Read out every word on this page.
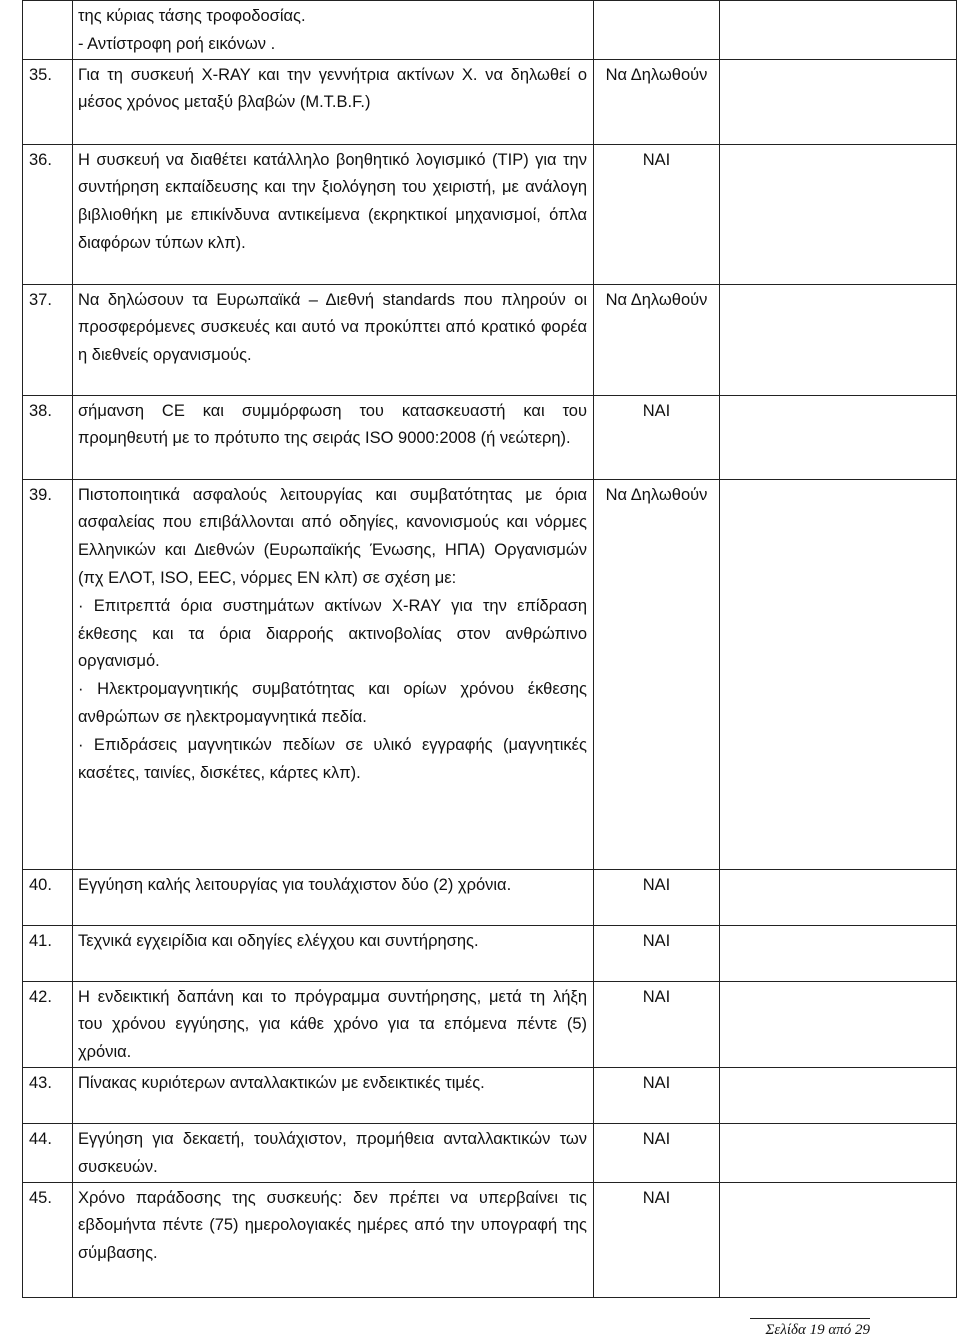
	της κύριας τάσης τροφοδοσίας.
- Αντίστροφη ροή εικόνων .		

35.	Για τη συσκευή X-RAY και την γεννήτρια ακτίνων Χ. να δηλωθεί ο μέσος χρόνος μεταξύ βλαβών (M.T.B.F.)	Να Δηλωθούν	
36.	Η συσκευή να διαθέτει κατάλληλο βοηθητικό λογισμικό (TIP) για την συντήρηση εκπαίδευσης και την ξιολόγηση του χειριστή, με ανάλογη βιβλιοθήκη με επικίνδυνα αντικείμενα (εκρηκτικοί μηχανισμοί, όπλα διαφόρων τύπων κλπ).	ΝΑΙ	
37.	Να δηλώσουν τα Ευρωπαϊκά – Διεθνή standards που πληρούν οι προσφερόμενες συσκευές και αυτό να προκύπτει από κρατικό φορέα η διεθνείς οργανισμούς.	Να Δηλωθούν	
38.	σήμανση CE και συμμόρφωση του κατασκευαστή και του προμηθευτή με το πρότυπο της σειράς ISO 9000:2008 (ή νεώτερη).	ΝΑΙ	
39.	Πιστοποιητικά ασφαλούς λειτουργίας και συμβατότητας με όρια ασφαλείας που επιβάλλονται από οδηγίες, κανονισμούς και νόρμες Ελληνικών και Διεθνών (Ευρωπαϊκής Ένωσης, ΗΠΑ) Οργανισμών (πχ ΕΛΟΤ, ISO, EEC, νόρμες EN κλπ) σε σχέση με:
· Επιτρεπτά όρια συστημάτων ακτίνων X-RAY για την επίδραση έκθεσης και τα όρια διαρροής ακτινοβολίας στον ανθρώπινο οργανισμό.
· Ηλεκτρομαγνητικής συμβατότητας και ορίων χρόνου έκθεσης ανθρώπων σε ηλεκτρομαγνητικά πεδία.
· Επιδράσεις μαγνητικών πεδίων σε υλικό εγγραφής (μαγνητικές κασέτες, ταινίες, δισκέτες, κάρτες κλπ).	Να Δηλωθούν	
40.	Εγγύηση καλής λειτουργίας για τουλάχιστον δύο (2) χρόνια.	ΝΑΙ	
41.	Τεχνικά εγχειρίδια και οδηγίες ελέγχου και συντήρησης.	ΝΑΙ	
42.	Η ενδεικτική δαπάνη και το πρόγραμμα συντήρησης, μετά τη λήξη του χρόνου εγγύησης, για κάθε χρόνο για τα επόμενα πέντε (5) χρόνια.	ΝΑΙ	
43.	Πίνακας κυριότερων ανταλλακτικών με ενδεικτικές τιμές.	ΝΑΙ	
44.	Εγγύηση για δεκαετή, τουλάχιστον, προμήθεια ανταλλακτικών των συσκευών.	ΝΑΙ	
45.	Χρόνο παράδοσης της συσκευής: δεν πρέπει να υπερβαίνει τις εβδομήντα πέντε (75) ημερολογιακές ημέρες από την υπογραφή της σύμβασης.	ΝΑΙ	
Σελίδα 19 από 29
